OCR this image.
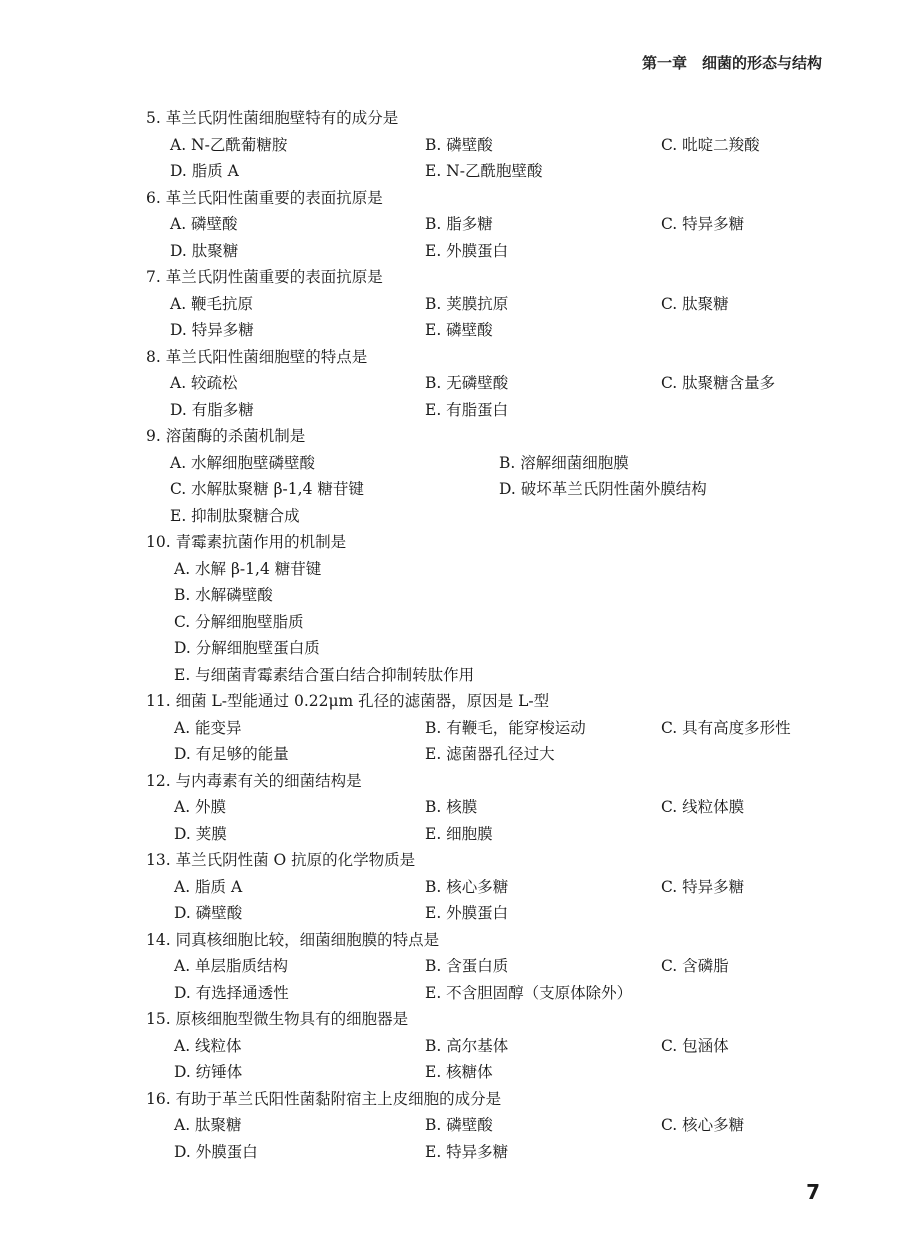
第一章　细菌的形态与结构
5. 革兰氏阴性菌细胞壁特有的成分是
A. N-乙酰葡糖胺	B. 磷壁酸	C. 吡啶二羧酸
D. 脂质 A	E. N-乙酰胞壁酸
6. 革兰氏阳性菌重要的表面抗原是
A. 磷壁酸	B. 脂多糖	C. 特异多糖
D. 肽聚糖	E. 外膜蛋白
7. 革兰氏阴性菌重要的表面抗原是
A. 鞭毛抗原	B. 荚膜抗原	C. 肽聚糖
D. 特异多糖	E. 磷壁酸
8. 革兰氏阳性菌细胞壁的特点是
A. 较疏松	B. 无磷壁酸	C. 肽聚糖含量多
D. 有脂多糖	E. 有脂蛋白
9. 溶菌酶的杀菌机制是
A. 水解细胞壁磷壁酸	B. 溶解细菌细胞膜
C. 水解肽聚糖 β-1,4 糖苷键	D. 破坏革兰氏阴性菌外膜结构
E. 抑制肽聚糖合成
10. 青霉素抗菌作用的机制是
A. 水解 β-1,4 糖苷键
B. 水解磷壁酸
C. 分解细胞壁脂质
D. 分解细胞壁蛋白质
E. 与细菌青霉素结合蛋白结合抑制转肽作用
11. 细菌 L-型能通过 0.22μm 孔径的滤菌器，原因是 L-型
A. 能变异	B. 有鞭毛，能穿梭运动	C. 具有高度多形性
D. 有足够的能量	E. 滤菌器孔径过大
12. 与内毒素有关的细菌结构是
A. 外膜	B. 核膜	C. 线粒体膜
D. 荚膜	E. 细胞膜
13. 革兰氏阴性菌 O 抗原的化学物质是
A. 脂质 A	B. 核心多糖	C. 特异多糖
D. 磷壁酸	E. 外膜蛋白
14. 同真核细胞比较，细菌细胞膜的特点是
A. 单层脂质结构	B. 含蛋白质	C. 含磷脂
D. 有选择通透性	E. 不含胆固醇（支原体除外）
15. 原核细胞型微生物具有的细胞器是
A. 线粒体	B. 高尔基体	C. 包涵体
D. 纺锤体	E. 核糖体
16. 有助于革兰氏阳性菌黏附宿主上皮细胞的成分是
A. 肽聚糖	B. 磷壁酸	C. 核心多糖
D. 外膜蛋白	E. 特异多糖
7
